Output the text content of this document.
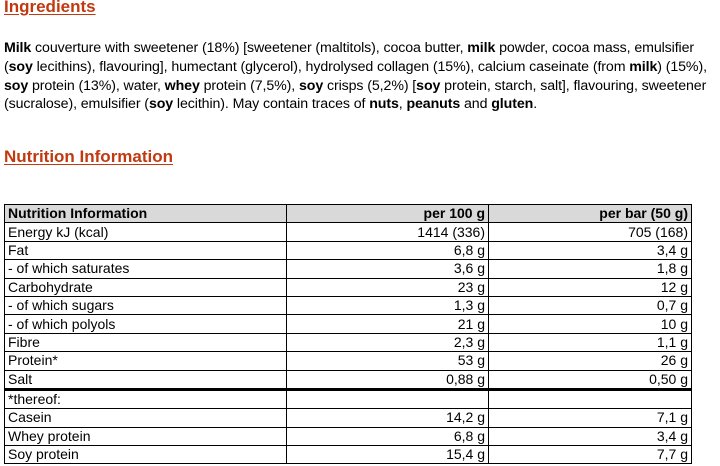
Ingredients

Milk couverture with sweetener (18%) [sweetener (maltitols), cocoa butter, milk powder, cocoa mass, emulsifier (soy lecithins), flavouring], humectant (glycerol), hydrolysed collagen (15%), calcium caseinate (from milk) (15%), soy protein (13%), water, whey protein (7,5%), soy crisps (5,2%) [soy protein, starch, salt], flavouring, sweetener (sucralose), emulsifier (soy lecithin). May contain traces of nuts, peanuts and gluten.

Nutrition Information
Nutrition Information	per 100 g	per bar (50 g)
Energy kJ (kcal)	1414 (336)	705 (168)
Fat	6,8 g	3,4 g
- of which saturates	3,6 g	1,8 g
Carbohydrate	23 g	12 g
- of which sugars	1,3 g	0,7 g
- of which polyols	21 g	10 g
Fibre	2,3 g	1,1 g
Protein*	53 g	26 g
Salt	0,88 g	0,50 g
*thereof:		
Casein	14,2 g	7,1 g
Whey protein	6,8 g	3,4 g
Soy protein	15,4 g	7,7 g
